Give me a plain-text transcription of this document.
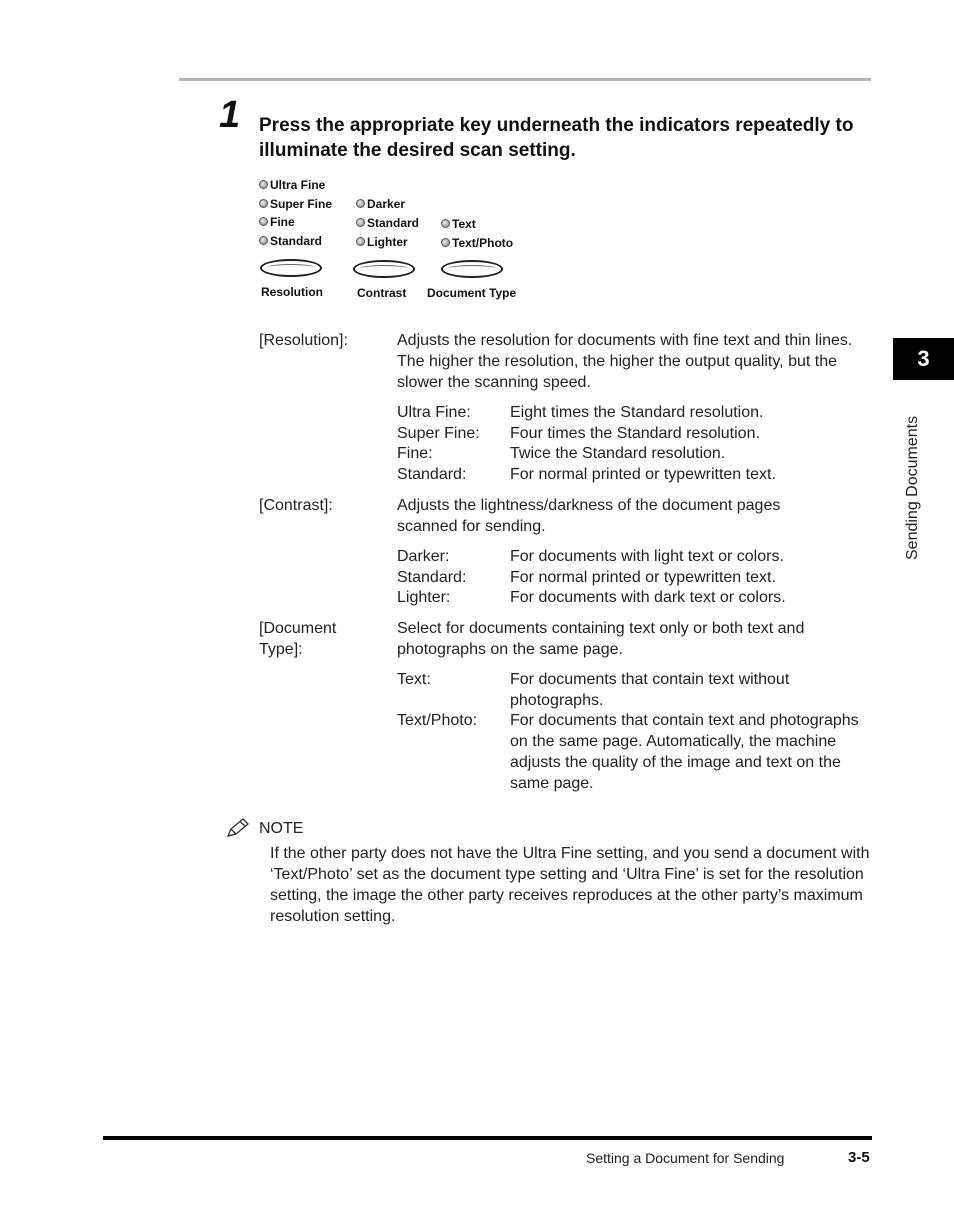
1 Press the appropriate key underneath the indicators repeatedly to illuminate the desired scan setting.
Ultra Fine
Super Fine
Fine
Standard
Darker
Standard
Lighter
Text
Text/Photo
Resolution	Contrast Document Type
[Resolution]:	Adjusts the resolution for documents with fine text and thin lines. The higher the resolution, the higher the output quality, but the slower the scanning speed.
Ultra Fine: Eight times the Standard resolution.
Super Fine: Four times the Standard resolution.
Fine:	Twice the Standard resolution.
Standard:	For normal printed or typewritten text.
[Contrast]:	Adjusts the lightness/darkness of the document pages scanned for sending.
Darker:	For documents with light text or colors.
Standard:	For normal printed or typewritten text.
Lighter:	For documents with dark text or colors.
[Document Type]:
Select for documents containing text only or both text and photographs on the same page.
Text:	For documents that contain text without photographs.
Text/Photo: For documents that contain text and photographs on the same page. Automatically, the machine adjusts the quality of the image and text on the same page.
NOTE
If the other party does not have the Ultra Fine setting, and you send a document with ‘Text/Photo’ set as the document type setting and ‘Ultra Fine’ is set for the resolution setting, the image the other party receives reproduces at the other party’s maximum resolution setting.
3
Sending Documents
Setting a Document for Sending	3-5
